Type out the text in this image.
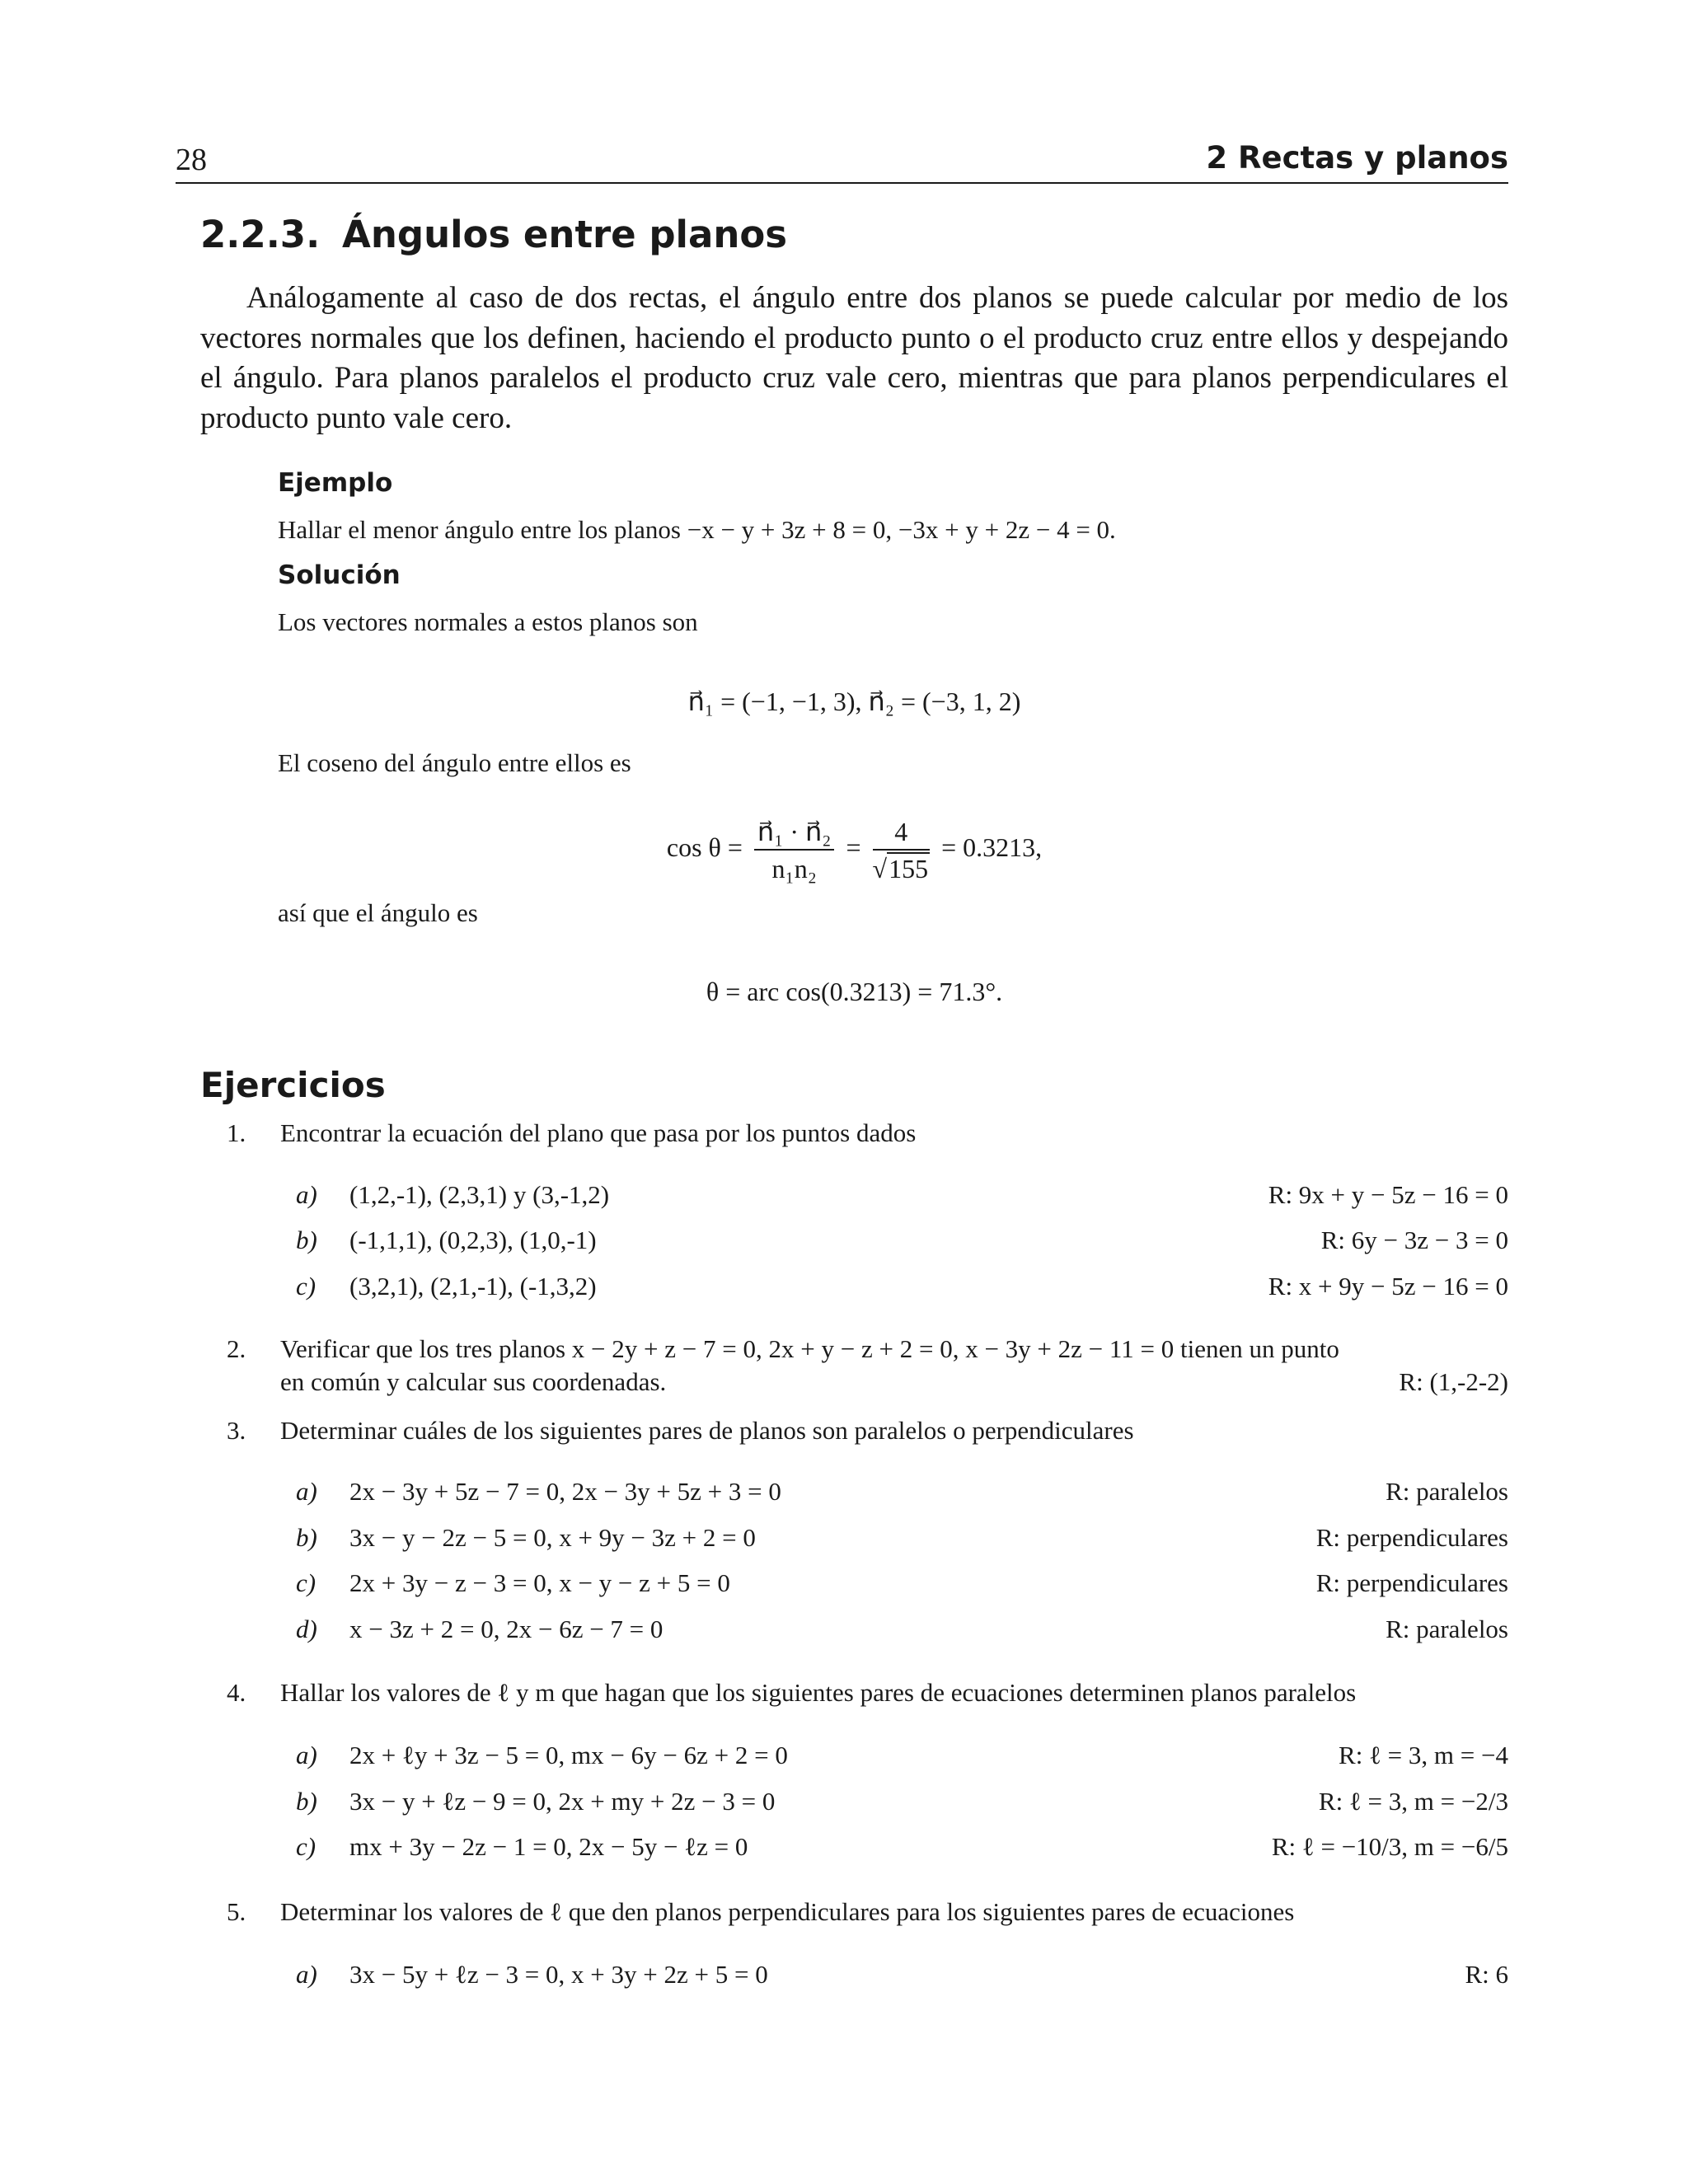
28	2 Rectas y planos
2.2.3. Ángulos entre planos
Análogamente al caso de dos rectas, el ángulo entre dos planos se puede calcular por medio de los vectores normales que los definen, haciendo el producto punto o el producto cruz entre ellos y despejando el ángulo. Para planos paralelos el producto cruz vale cero, mientras que para planos perpendiculares el producto punto vale cero.
Ejemplo
Hallar el menor ángulo entre los planos −x − y + 3z + 8 = 0, −3x + y + 2z − 4 = 0.
Solución
Los vectores normales a estos planos son
n⃗₁ = (−1, −1, 3), n⃗₂ = (−3, 1, 2)
El coseno del ángulo entre ellos es
$\cos \theta = \frac{\text{n⃗₁ · n⃗₂}}{\text{n₁n₂}} = \frac{4}{√155} = 0.3213$,
así que el ángulo es
θ = arc cos(0.3213) = 71.3°.
Ejercicios
1. Encontrar la ecuación del plano que pasa por los puntos dados
a) (1,2,-1), (2,3,1) y (3,-1,2)	R: 9x + y − 5z − 16 = 0
b) (-1,1,1), (0,2,3), (1,0,-1)	R: 6y − 3z − 3 = 0
c) (3,2,1), (2,1,-1), (-1,3,2)	R: x + 9y − 5z − 16 = 0
2. Verificar que los tres planos x − 2y + z − 7 = 0, 2x + y − z + 2 = 0, x − 3y + 2z − 11 = 0 tienen un punto
en común y calcular sus coordenadas.	R: (1,-2-2)
3. Determinar cuáles de los siguientes pares de planos son paralelos o perpendiculares
a) 2x − 3y + 5z − 7 = 0, 2x − 3y + 5z + 3 = 0	R: paralelos
b) 3x − y − 2z − 5 = 0, x + 9y − 3z + 2 = 0	R: perpendiculares
c) 2x + 3y − z − 3 = 0, x − y − z + 5 = 0	R: perpendiculares
d) x − 3z + 2 = 0, 2x − 6z − 7 = 0	R: paralelos
4. Hallar los valores de ℓ y m que hagan que los siguientes pares de ecuaciones determinen planos paralelos
a) 2x + ℓy + 3z − 5 = 0, mx − 6y − 6z + 2 = 0	R: ℓ = 3, m = −4
b) 3x − y + ℓz − 9 = 0, 2x + my + 2z − 3 = 0	R: ℓ = 3, m = −2/3
c) mx + 3y − 2z − 1 = 0, 2x − 5y − ℓz = 0	R: ℓ = −10/3, m = −6/5
5. Determinar los valores de ℓ que den planos perpendiculares para los siguientes pares de ecuaciones
a) 3x − 5y + ℓz − 3 = 0, x + 3y + 2z + 5 = 0	R: 6
